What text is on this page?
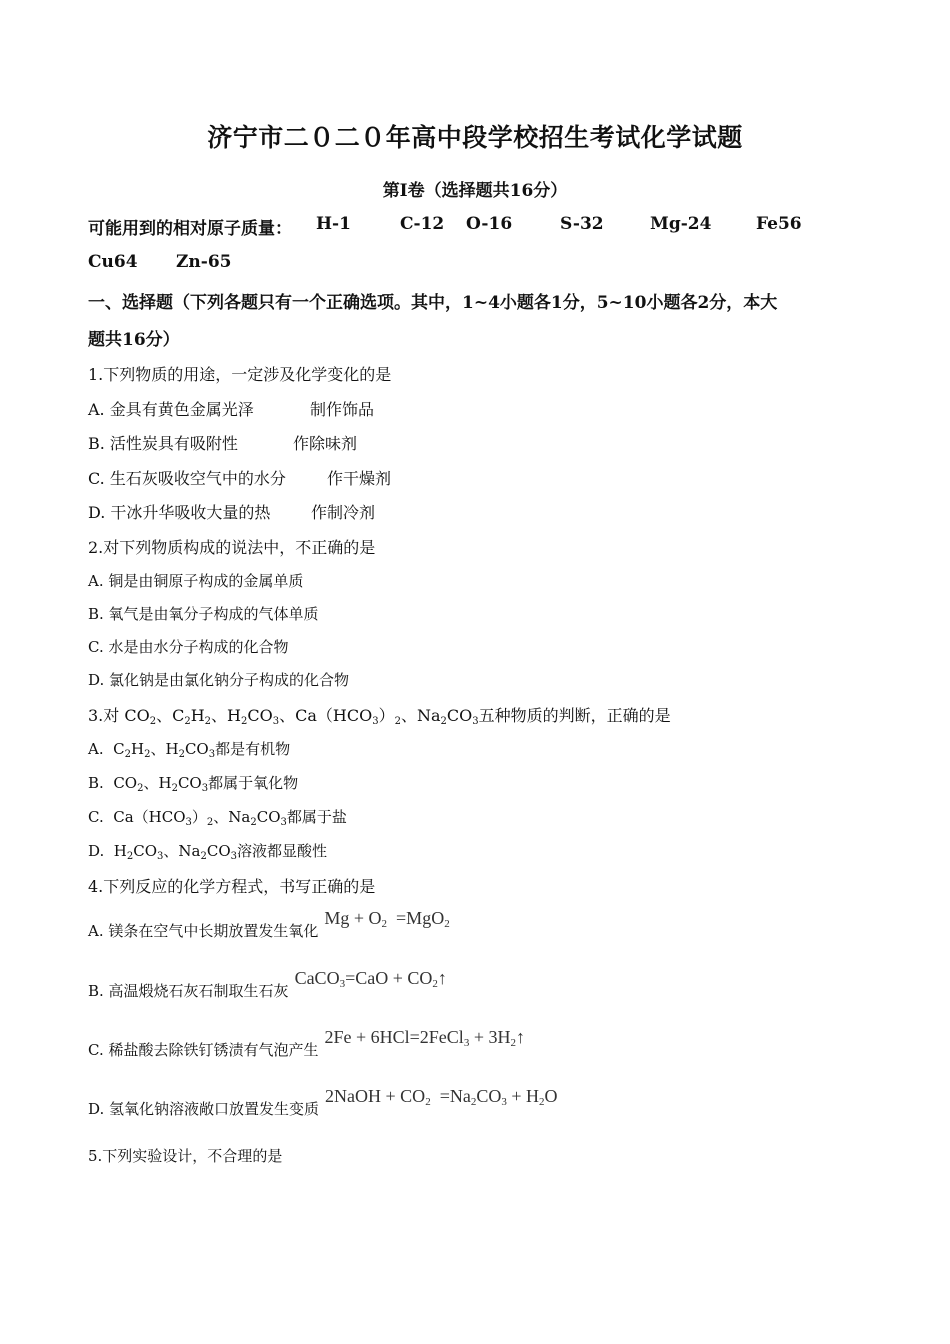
济宁市二０二０年高中段学校招生考试化学试题
第Ⅰ卷（选择题共16分）
可能用到的相对原子质量： H-1	C-12 O-16	S-32	Mg-24	Fe56
Cu64 Zn-65
一、选择题（下列各题只有一个正确选项。其中，1~4小题各1分，5~10小题各2分，本大
题共16分）
1.下列物质的用途，一定涉及化学变化的是
A. 金具有黄色金属光泽	制作饰品
B. 活性炭具有吸附性	作除味剂
C. 生石灰吸收空气中的水分	作干燥剂
D. 干冰升华吸收大量的热	作制冷剂
2.对下列物质构成的说法中，不正确的是
A. 铜是由铜原子构成的金属单质
B. 氧气是由氧分子构成的气体单质
C. 水是由水分子构成的化合物
D. 氯化钠是由氯化钠分子构成的化合物
3.对 $CO_2$、$C_2H_2$、$H_2CO_3$、$Ca(HCO_3)_2$、$Na_2CO_3$五种物质的判断，正确的是
A.  $C_2H_2$、$H_2CO_3$都是有机物
B.  $CO_2$、$H_2CO_3$都属于氧化物
C.  $Ca(HCO_3)_2$、$Na_2CO_3$都属于盐
D.  $H_2CO_3$、$Na_2CO_3$溶液都显酸性
4.下列反应的化学方程式，书写正确的是
A. 镁条在空气中长期放置发生氧化$Mg + O_2 =MgO_2$
B. 高温煅烧石灰石制取生石灰CaCO$_3$=CaO + $CO_2↑$
C. 稀盐酸去除铁钉锈渍有气泡产生2Fe + 6HCl=2FeCl$_3$ + $3H_2↑$
D. 氢氧化钠溶液敞口放置发生变质2NaOH + $CO_2 =Na_2CO_3 + H_2O$
5.下列实验设计，不合理的是
